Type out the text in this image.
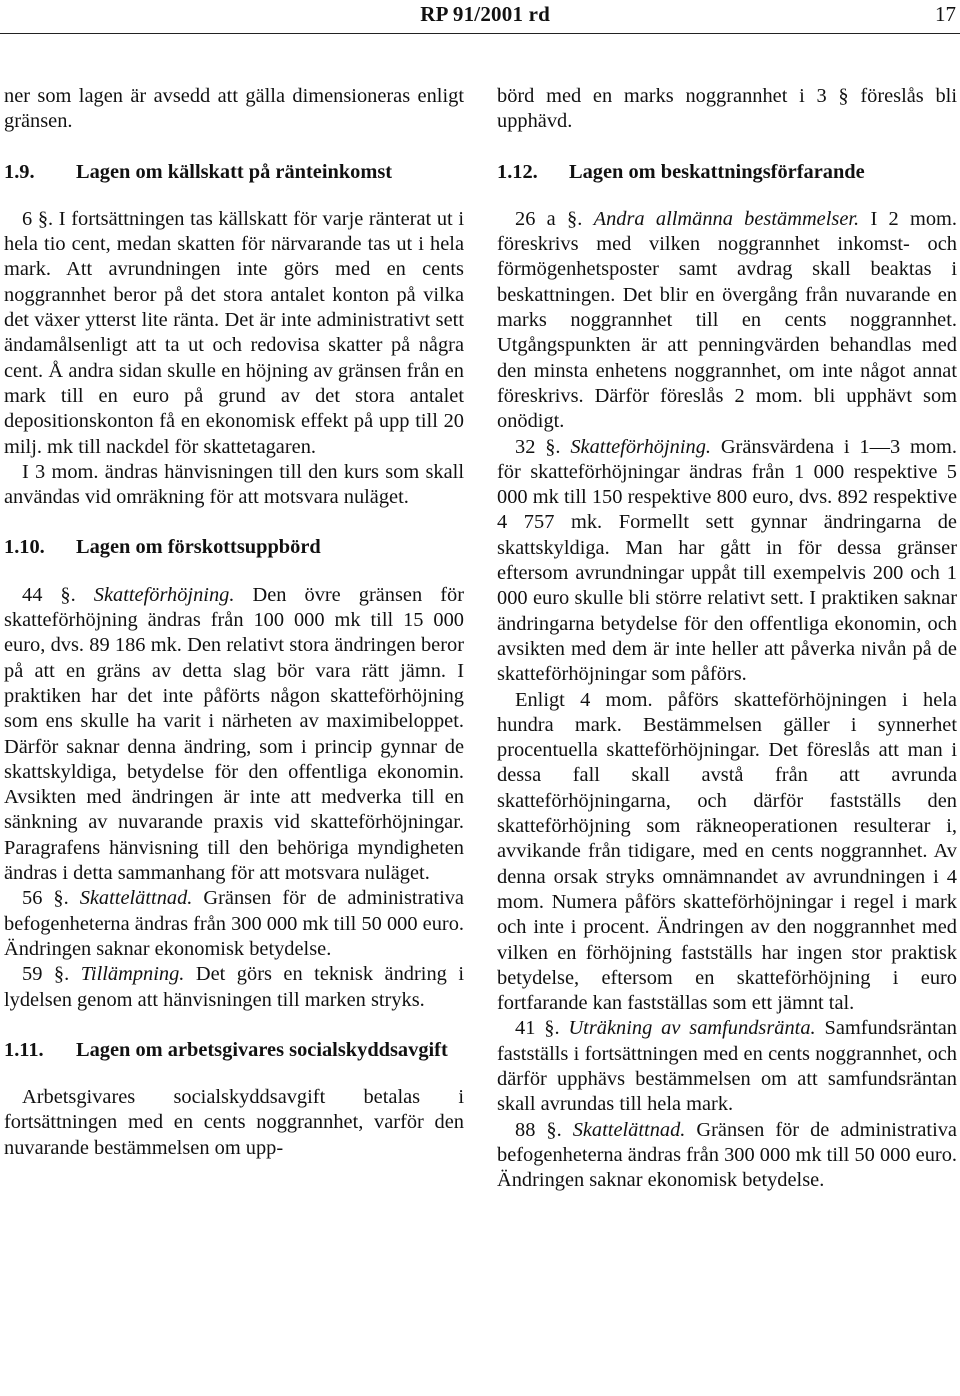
RP 91/2001 rd	17

ner som lagen är avsedd att gälla dimensioneras enligt gränsen.

1.9.	Lagen om källskatt på ränteinkomst

6 §. I fortsättningen tas källskatt för varje ränterat ut i hela tio cent, medan skatten för närvarande tas ut i hela mark. Att avrundningen inte görs med en cents noggrannhet beror på det stora antalet konton på vilka det växer ytterst lite ränta. Det är inte administrativt sett ändamålsenligt att ta ut och redovisa skatter på några cent. Å andra sidan skulle en höjning av gränsen från en mark till en euro på grund av det stora antalet depositionskonton få en ekonomisk effekt på upp till 20 milj. mk till nackdel för skattetagaren.

I 3 mom. ändras hänvisningen till den kurs som skall användas vid omräkning för att motsvara nuläget.

1.10.	Lagen om förskottsuppbörd

44 §. Skatteförhöjning. Den övre gränsen för skatteförhöjning ändras från 100 000 mk till 15 000 euro, dvs. 89 186 mk. Den relativt stora ändringen beror på att en gräns av detta slag bör vara rätt jämn. I praktiken har det inte påförts någon skatteförhöjning som ens skulle ha varit i närheten av maximibeloppet. Därför saknar denna ändring, som i princip gynnar de skattskyldiga, betydelse för den offentliga ekonomin. Avsikten med ändringen är inte att medverka till en sänkning av nuvarande praxis vid skatteförhöjningar. Paragrafens hänvisning till den behöriga myndigheten ändras i detta sammanhang för att motsvara nuläget.

56 §. Skattelättnad. Gränsen för de administrativa befogenheterna ändras från 300 000 mk till 50 000 euro. Ändringen saknar ekonomisk betydelse.

59 §. Tillämpning. Det görs en teknisk ändring i lydelsen genom att hänvisningen till marken stryks.

1.11.	Lagen om arbetsgivares socialskyddsavgift

Arbetsgivares socialskyddsavgift betalas i fortsättningen med en cents noggrannhet, varför den nuvarande bestämmelsen om upp-

börd med en marks noggrannhet i 3 § föreslås bli upphävd.

1.12.	Lagen om beskattningsförfarande

26 a §. Andra allmänna bestämmelser. I 2 mom. föreskrivs med vilken noggrannhet inkomst- och förmögenhetsposter samt avdrag skall beaktas i beskattningen. Det blir en övergång från nuvarande en marks noggrannhet till en cents noggrannhet. Utgångspunkten är att penningvärden behandlas med den minsta enhetens noggrannhet, om inte något annat föreskrivs. Därför föreslås 2 mom. bli upphävt som onödigt.

32 §. Skatteförhöjning. Gränsvärdena i 1—3 mom. för skatteförhöjningar ändras från 1 000 respektive 5 000 mk till 150 respektive 800 euro, dvs. 892 respektive 4 757 mk. Formellt sett gynnar ändringarna de skattskyldiga. Man har gått in för dessa gränser eftersom avrundningar uppåt till exempelvis 200 och 1 000 euro skulle bli större relativt sett. I praktiken saknar ändringarna betydelse för den offentliga ekonomin, och avsikten med dem är inte heller att påverka nivån på de skatteförhöjningar som påförs.

Enligt 4 mom. påförs skatteförhöjningen i hela hundra mark. Bestämmelsen gäller i synnerhet procentuella skatteförhöjningar. Det föreslås att man i dessa fall skall avstå från att avrunda skatteförhöjningarna, och därför fastställs den skatteförhöjning som räkneoperationen resulterar i, avvikande från tidigare, med en cents noggrannhet. Av denna orsak stryks omnämnandet av avrundningen i 4 mom. Numera påförs skatteförhöjningar i regel i mark och inte i procent. Ändringen av den noggrannhet med vilken en förhöjning fastställs har ingen stor praktisk betydelse, eftersom en skatteförhöjning i euro fortfarande kan fastställas som ett jämnt tal.

41 §. Uträkning av samfundsränta. Samfundsräntan fastställs i fortsättningen med en cents noggrannhet, och därför upphävs bestämmelsen om att samfundsräntan skall avrundas till hela mark.

88 §. Skattelättnad. Gränsen för de administrativa befogenheterna ändras från 300 000 mk till 50 000 euro. Ändringen saknar ekonomisk betydelse.
